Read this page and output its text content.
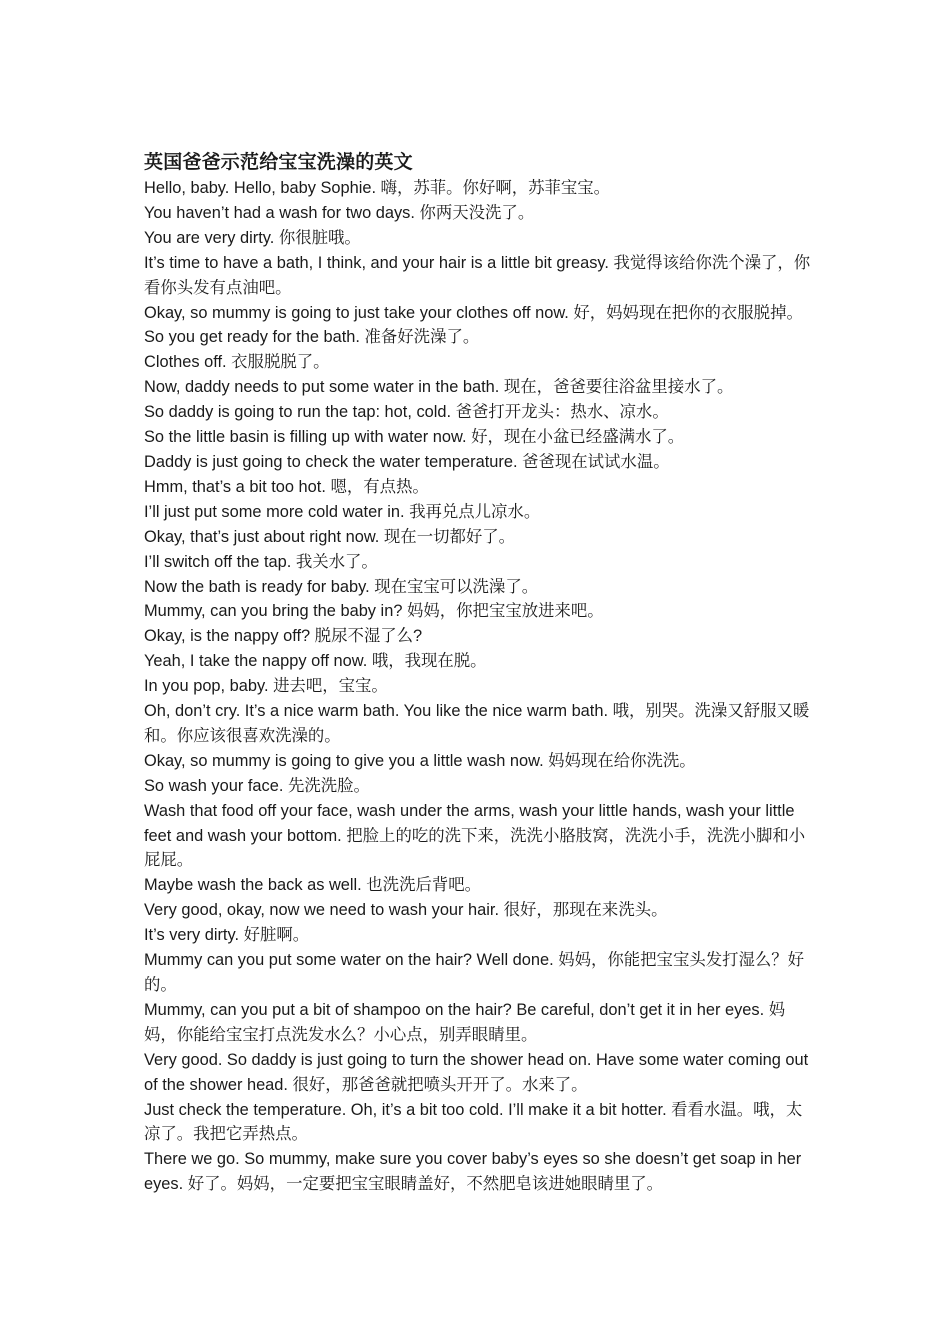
英国爸爸示范给宝宝洗澡的英文

Hello, baby. Hello, baby Sophie. 嗨，苏菲。你好啊，苏菲宝宝。

You haven’t had a wash for two days. 你两天没洗了。

You are very dirty. 你很脏哦。

It’s time to have a bath, I think, and your hair is a little bit greasy. 我觉得该给你洗个澡了，你看你头发有点油吧。

Okay, so mummy is going to just take your clothes off now. 好，妈妈现在把你的衣服脱掉。

So you get ready for the bath. 准备好洗澡了。

Clothes off. 衣服脱脱了。

Now, daddy needs to put some water in the bath. 现在，爸爸要往浴盆里接水了。

So daddy is going to run the tap: hot, cold. 爸爸打开龙头：热水、凉水。

So the little basin is filling up with water now. 好，现在小盆已经盛满水了。

Daddy is just going to check the water temperature. 爸爸现在试试水温。

Hmm, that’s a bit too hot. 嗯，有点热。

I’ll just put some more cold water in. 我再兑点儿凉水。

Okay, that’s just about right now. 现在一切都好了。

I’ll switch off the tap. 我关水了。

Now the bath is ready for baby. 现在宝宝可以洗澡了。

Mummy, can you bring the baby in? 妈妈，你把宝宝放进来吧。

Okay, is the nappy off? 脱尿不湿了么?

Yeah, I take the nappy off now. 哦，我现在脱。

In you pop, baby. 进去吧，宝宝。

Oh, don’t cry. It’s a nice warm bath. You like the nice warm bath. 哦，别哭。洗澡又舒服又暖和。你应该很喜欢洗澡的。

Okay, so mummy is going to give you a little wash now. 妈妈现在给你洗洗。

So wash your face. 先洗洗脸。

Wash that food off your face, wash under the arms, wash your little hands, wash your little feet and wash your bottom. 把脸上的吃的洗下来，洗洗小胳肢窝，洗洗小手，洗洗小脚和小屁屁。

Maybe wash the back as well. 也洗洗后背吧。

Very good, okay, now we need to wash your hair. 很好，那现在来洗头。

It’s very dirty. 好脏啊。

Mummy can you put some water on the hair? Well done. 妈妈，你能把宝宝头发打湿么？好的。

Mummy, can you put a bit of shampoo on the hair? Be careful, don’t get it in her eyes. 妈妈，你能给宝宝打点洗发水么？小心点，别弄眼睛里。

Very good. So daddy is just going to turn the shower head on. Have some water coming out of the shower head. 很好，那爸爸就把喷头开开了。水来了。

Just check the temperature. Oh, it’s a bit too cold. I’ll make it a bit hotter. 看看水温。哦，太凉了。我把它弄热点。

There we go. So mummy, make sure you cover baby’s eyes so she doesn’t get soap in her eyes. 好了。妈妈，一定要把宝宝眼睛盖好，不然肥皂该进她眼睛里了。
